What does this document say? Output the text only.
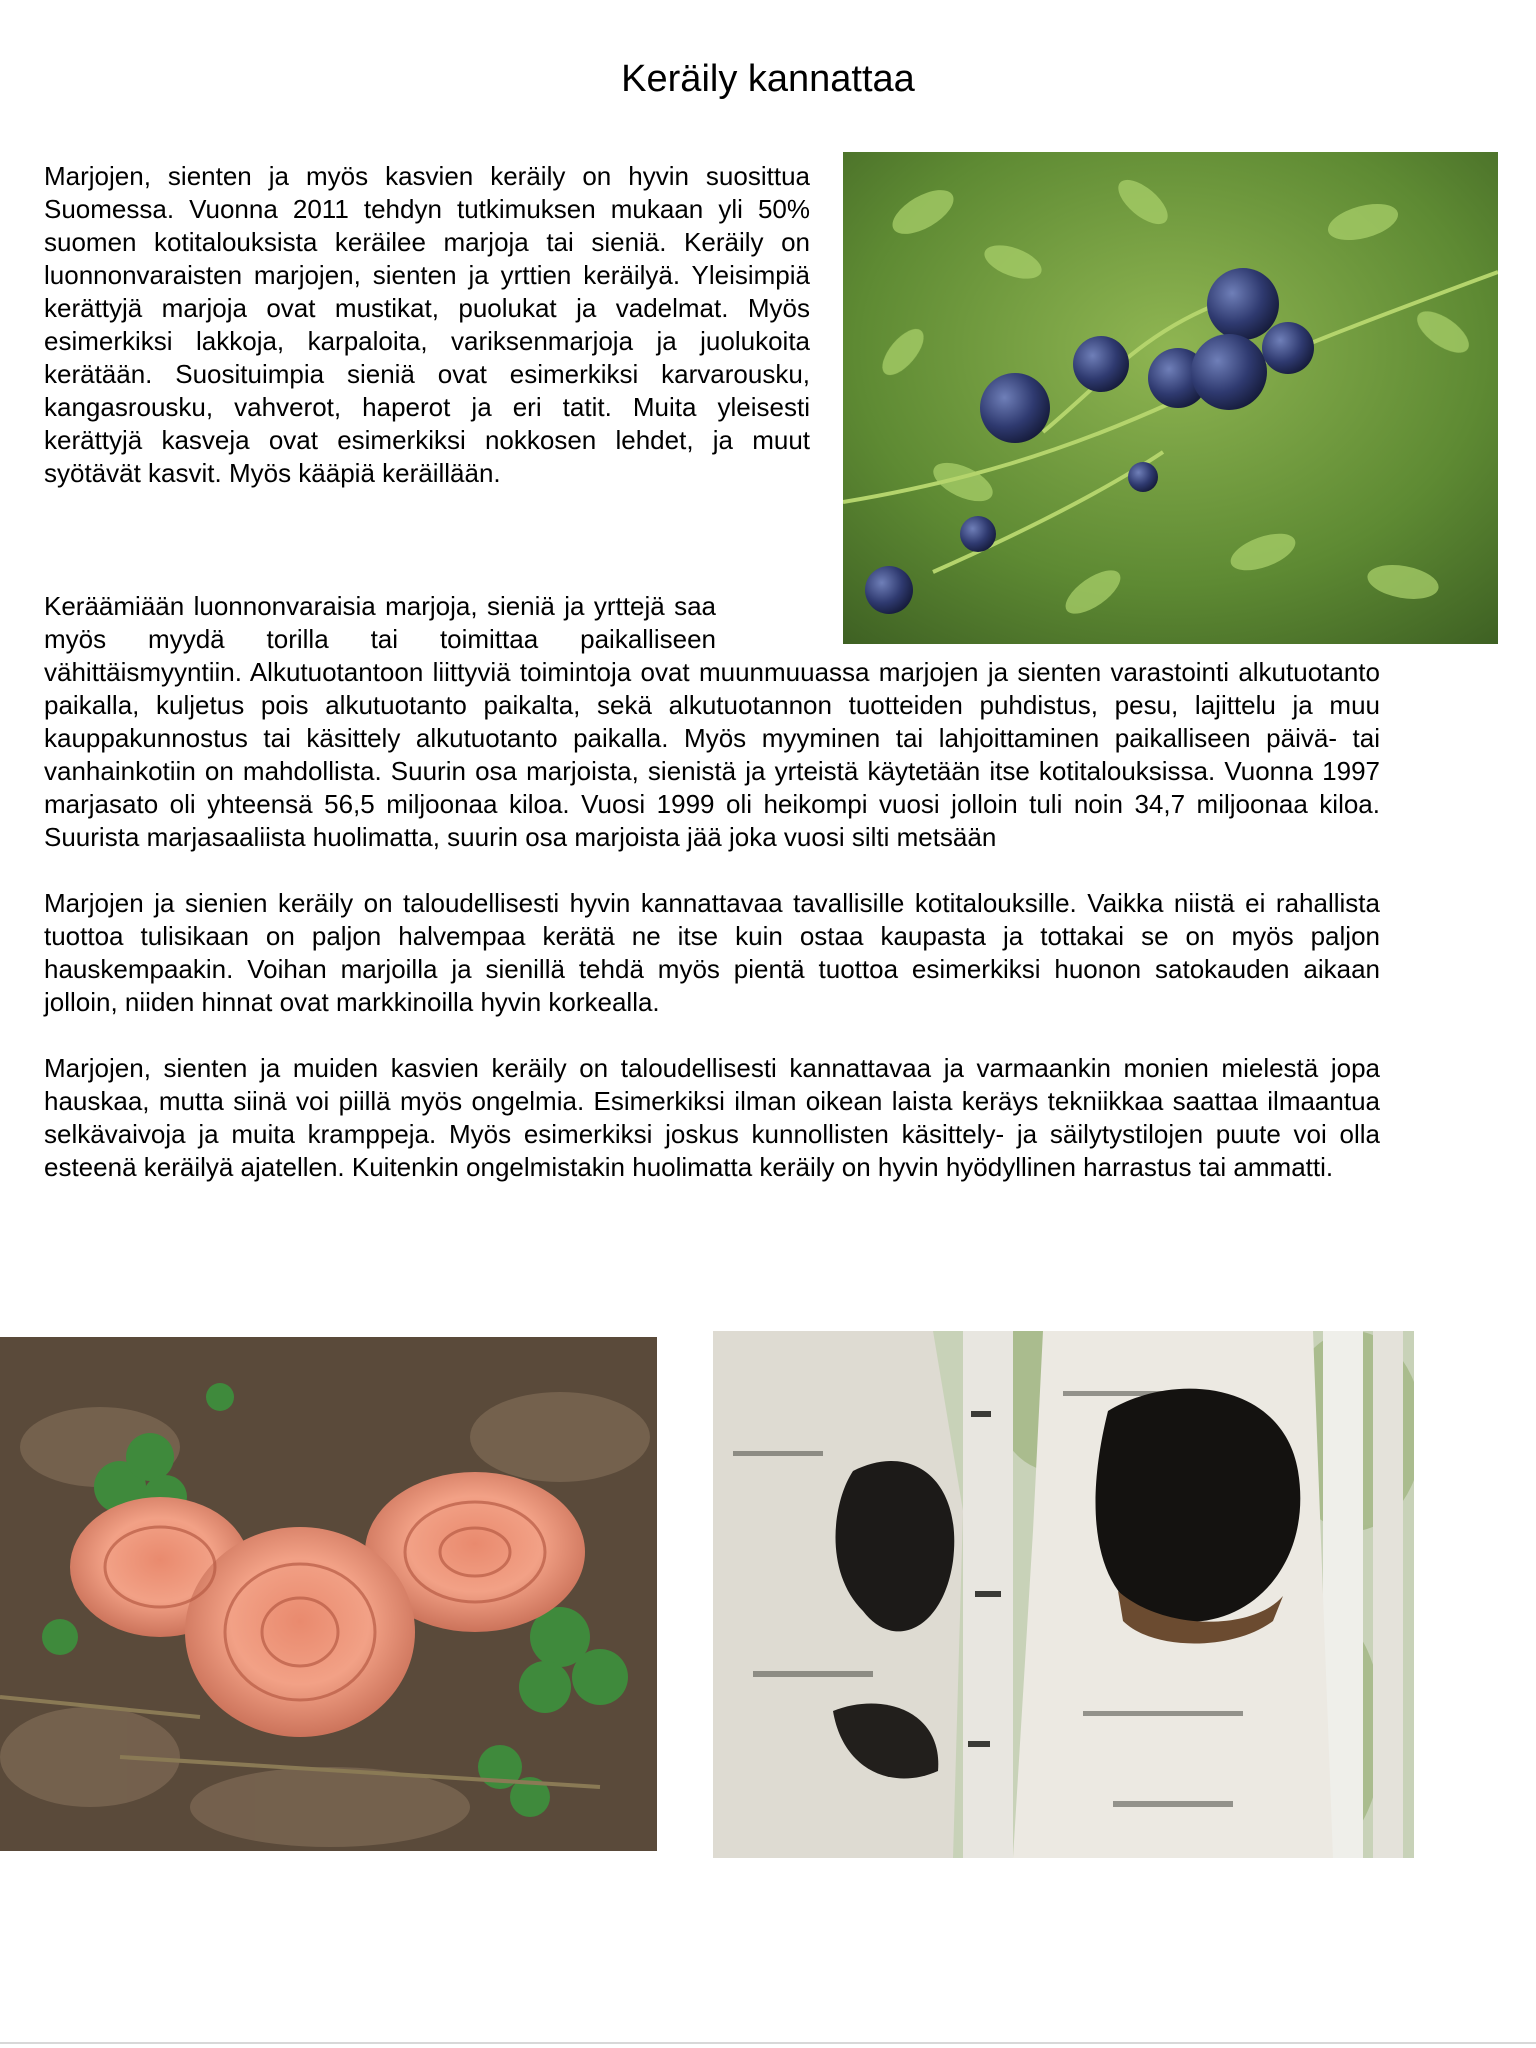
Keräily kannattaa

Marjojen, sienten ja myös kasvien keräily on hyvin suosittua Suomessa. Vuonna 2011 tehdyn tutkimuksen mukaan yli 50% suomen kotitalouksista keräilee marjoja tai sieniä. Keräily on luonnonvaraisten marjojen, sienten ja yrttien keräilyä. Yleisimpiä kerättyjä marjoja ovat mustikat, puolukat ja vadelmat. Myös esimerkiksi lakkoja, karpaloita, variksenmarjoja ja juolukoita kerätään. Suosituimpia sieniä ovat esimerkiksi karvarousku, kangasrousku, vahverot, haperot ja eri tatit. Muita yleisesti kerättyjä kasveja ovat esimerkiksi nokkosen lehdet, ja muut syötävät kasvit. Myös kääpiä keräillään.

Keräämiään luonnonvaraisia marjoja, sieniä ja yrttejä saa myös myydä torilla tai toimittaa paikalliseen vähittäismyyntiin. Alkutuotantoon liittyviä toimintoja ovat muunmuuassa marjojen ja sienten varastointi alkutuotanto paikalla, kuljetus pois alkutuotanto paikalta, sekä alkutuotannon tuotteiden puhdistus, pesu, lajittelu ja muu kauppakunnostus tai käsittely alkutuotanto paikalla. Myös myyminen tai lahjoittaminen paikalliseen päivä- tai vanhainkotiin on mahdollista. Suurin osa marjoista, sienistä ja yrteistä käytetään itse kotitalouksissa. Vuonna 1997 marjasato oli yhteensä 56,5 miljoonaa kiloa. Vuosi 1999 oli heikompi vuosi jolloin tuli noin 34,7 miljoonaa kiloa. Suurista marjasaaliista huolimatta, suurin osa marjoista jää joka vuosi silti metsään

Marjojen ja sienien keräily on taloudellisesti hyvin kannattavaa tavallisille kotitalouksille. Vaikka niistä ei rahallista tuottoa tulisikaan on paljon halvempaa kerätä ne itse kuin ostaa kaupasta ja tottakai se on myös paljon hauskempaakin. Voihan marjoilla ja sienillä tehdä myös pientä tuottoa esimerkiksi huonon satokauden aikaan jolloin, niiden hinnat ovat markkinoilla hyvin korkealla.

Marjojen, sienten ja muiden kasvien keräily on taloudellisesti kannattavaa ja varmaankin monien mielestä jopa hauskaa, mutta siinä voi piillä myös ongelmia. Esimerkiksi ilman oikean laista keräys tekniikkaa saattaa ilmaantua selkävaivoja ja muita kramppeja. Myös esimerkiksi joskus kunnollisten käsittely- ja säilytystilojen puute voi olla esteenä keräilyä ajatellen. Kuitenkin ongelmistakin huolimatta keräily on hyvin hyödyllinen harrastus tai ammatti.
